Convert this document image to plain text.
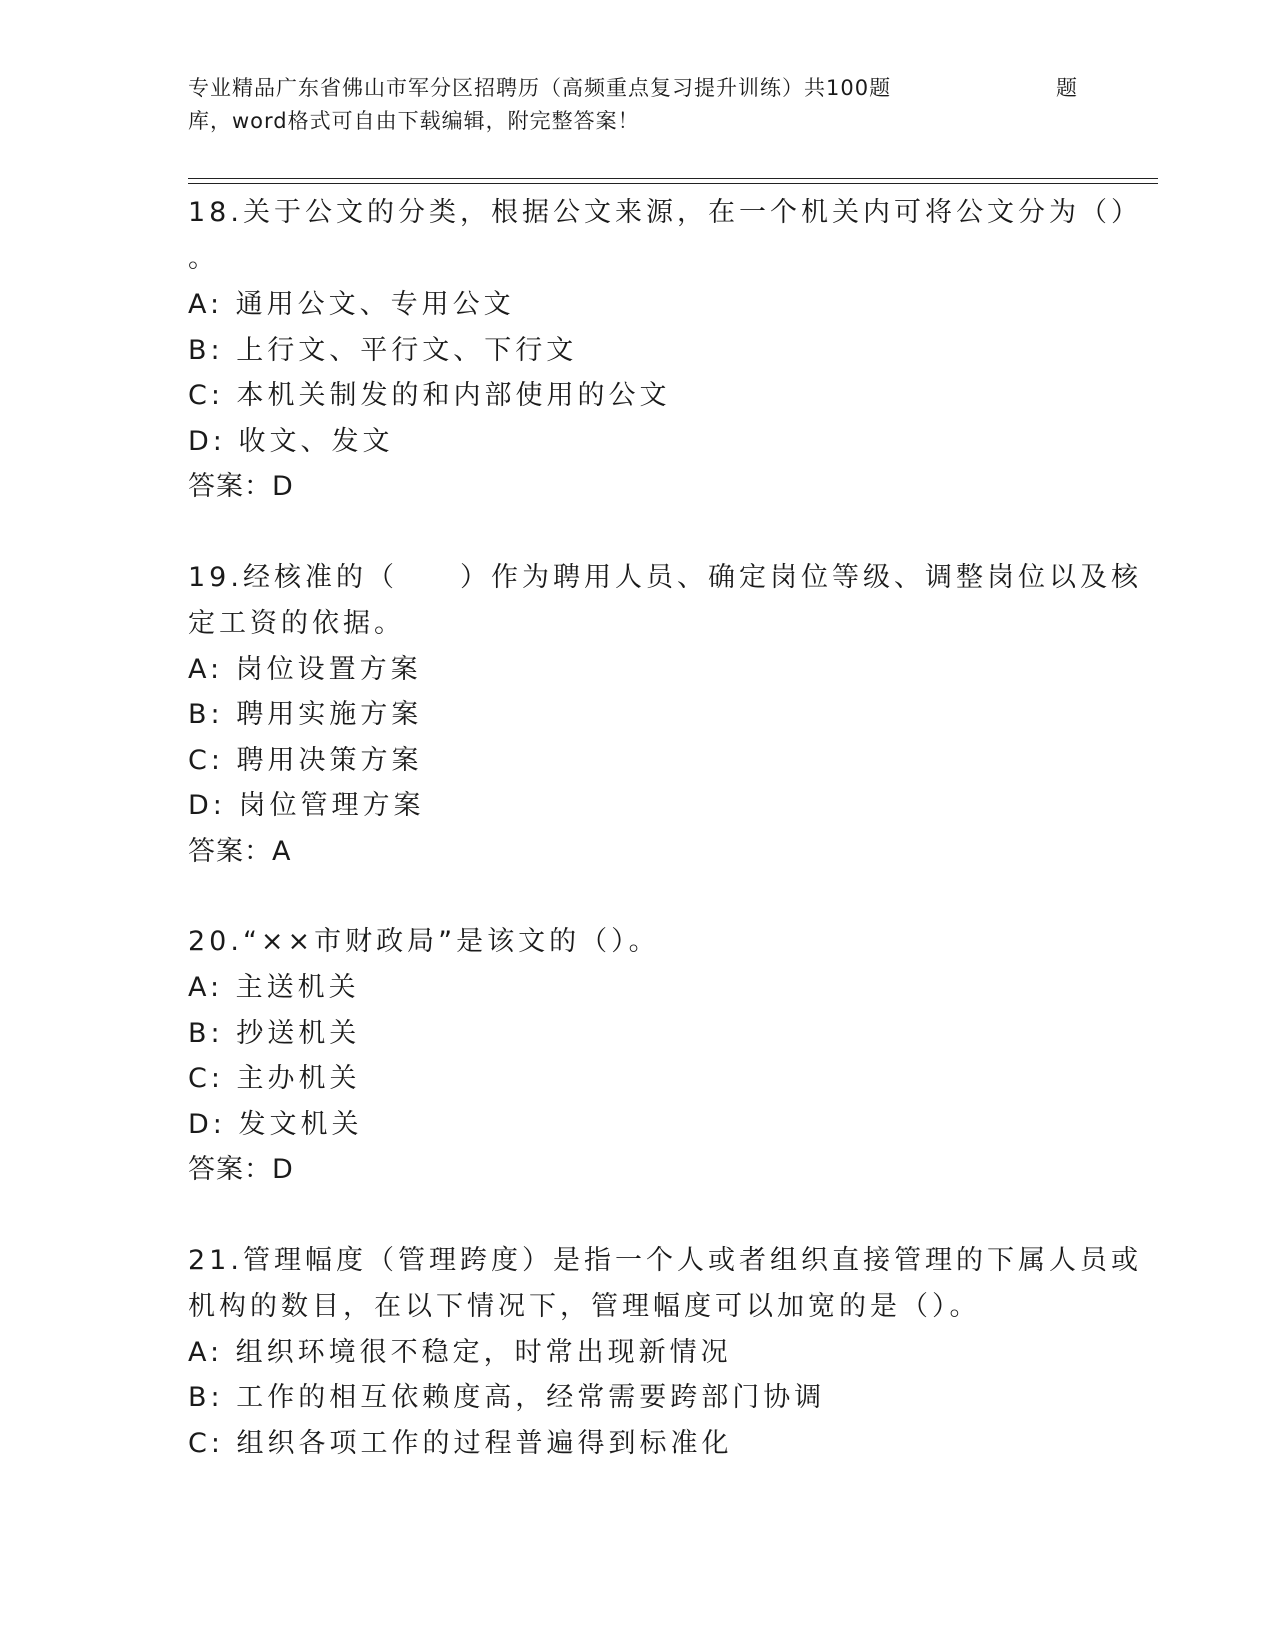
专业精品广东省佛山市军分区招聘历（高频重点复习提升训练）共100题	题
库，word格式可自由下载编辑，附完整答案！
18.关于公文的分类，根据公文来源，在一个机关内可将公文分为（）
。
A: 通用公文、专用公文
B: 上行文、平行文、下行文
C: 本机关制发的和内部使用的公文
D: 收文、发文
答案：D
19.经核准的（　　）作为聘用人员、确定岗位等级、调整岗位以及核
定工资的依据。
A: 岗位设置方案
B: 聘用实施方案
C: 聘用决策方案
D: 岗位管理方案
答案：A
20.“××市财政局”是该文的（）。
A: 主送机关
B: 抄送机关
C: 主办机关
D: 发文机关
答案：D
21.管理幅度（管理跨度）是指一个人或者组织直接管理的下属人员或
机构的数目，在以下情况下，管理幅度可以加宽的是（）。
A: 组织环境很不稳定，时常出现新情况
B: 工作的相互依赖度高，经常需要跨部门协调
C: 组织各项工作的过程普遍得到标准化
